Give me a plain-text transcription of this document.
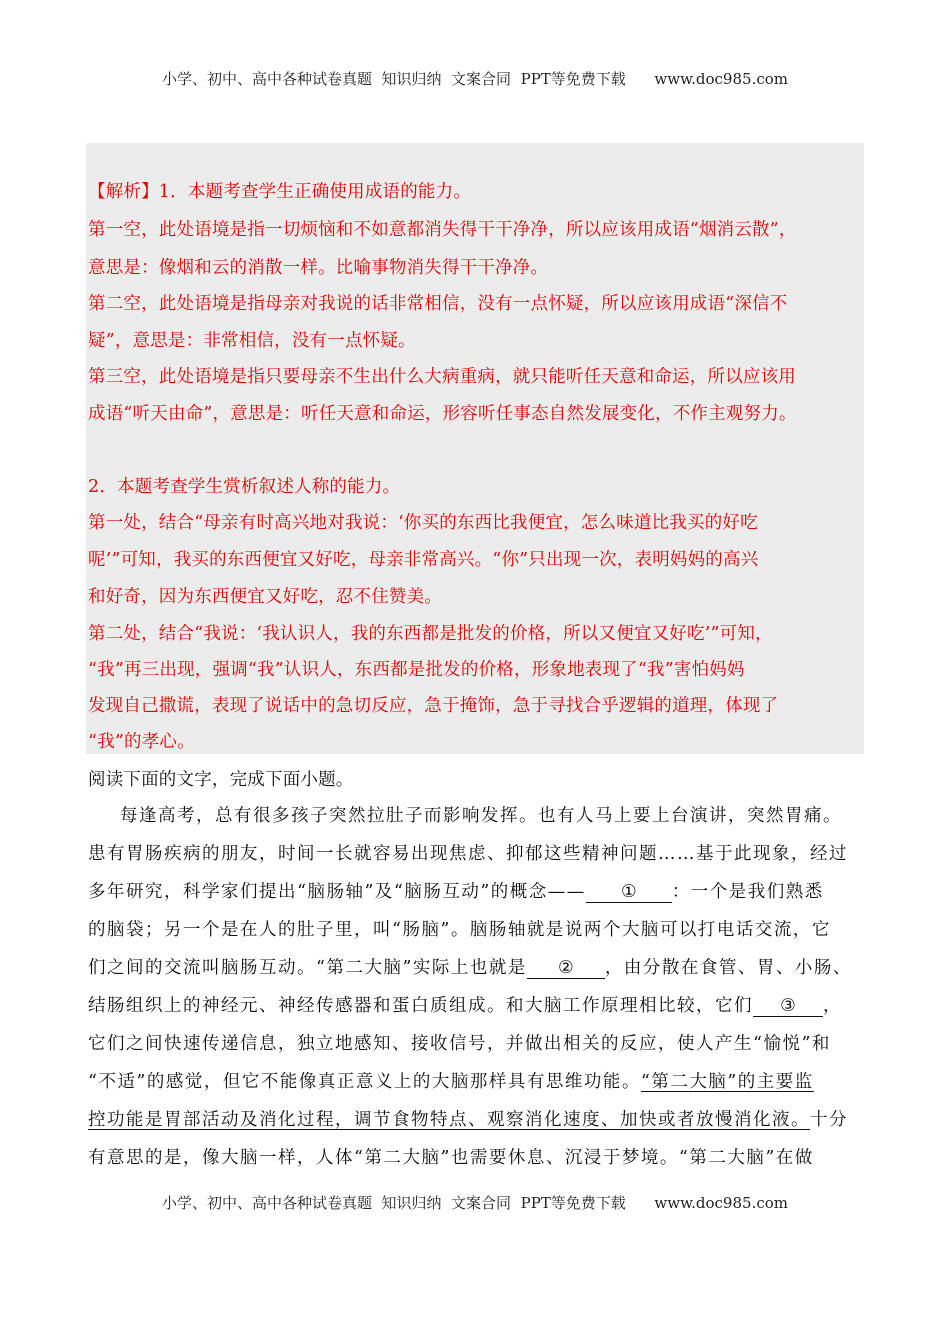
小学、初中、高中各种试卷真题  知识归纳  文案合同  PPT等免费下载      www.doc985.com
【解析】1．本题考查学生正确使用成语的能力。
第一空，此处语境是指一切烦恼和不如意都消失得干干净净，所以应该用成语“烟消云散”，
意思是：像烟和云的消散一样。比喻事物消失得干干净净。
第二空，此处语境是指母亲对我说的话非常相信，没有一点怀疑，所以应该用成语“深信不
疑”，意思是：非常相信，没有一点怀疑。
第三空，此处语境是指只要母亲不生出什么大病重病，就只能听任天意和命运，所以应该用
成语“听天由命”，意思是：听任天意和命运，形容听任事态自然发展变化，不作主观努力。
2．本题考查学生赏析叙述人称的能力。
第一处，结合“母亲有时高兴地对我说：‘你买的东西比我便宜，怎么味道比我买的好吃
呢’”可知，我买的东西便宜又好吃，母亲非常高兴。“你”只出现一次，表明妈妈的高兴
和好奇，因为东西便宜又好吃，忍不住赞美。
第二处，结合“我说：‘我认识人，我的东西都是批发的价格，所以又便宜又好吃’”可知，
“我”再三出现，强调“我”认识人，东西都是批发的价格，形象地表现了“我”害怕妈妈
发现自己撒谎，表现了说话中的急切反应，急于掩饰，急于寻找合乎逻辑的道理，体现了
“我”的孝心。
阅读下面的文字，完成下面小题。
每逢高考，总有很多孩子突然拉肚子而影响发挥。也有人马上要上台演讲，突然胃痛。
患有胃肠疾病的朋友，时间一长就容易出现焦虑、抑郁这些精神问题……基于此现象，经过
多年研究，科学家们提出“脑肠轴”及“脑肠互动”的概念—— ① ：一个是我们熟悉
的脑袋；另一个是在人的肚子里，叫“肠脑”。脑肠轴就是说两个大脑可以打电话交流，它
们之间的交流叫脑肠互动。“第二大脑”实际上也就是 ② ，由分散在食管、胃、小肠、
结肠组织上的神经元、神经传感器和蛋白质组成。和大脑工作原理相比较，它们 ③ ，
它们之间快速传递信息，独立地感知、接收信号，并做出相关的反应，使人产生“愉悦”和
“不适”的感觉，但它不能像真正意义上的大脑那样具有思维功能。“第二大脑”的主要监
控功能是胃部活动及消化过程，调节食物特点、观察消化速度、加快或者放慢消化液。十分
有意思的是，像大脑一样，人体“第二大脑”也需要休息、沉浸于梦境。“第二大脑”在做
小学、初中、高中各种试卷真题  知识归纳  文案合同  PPT等免费下载      www.doc985.com
